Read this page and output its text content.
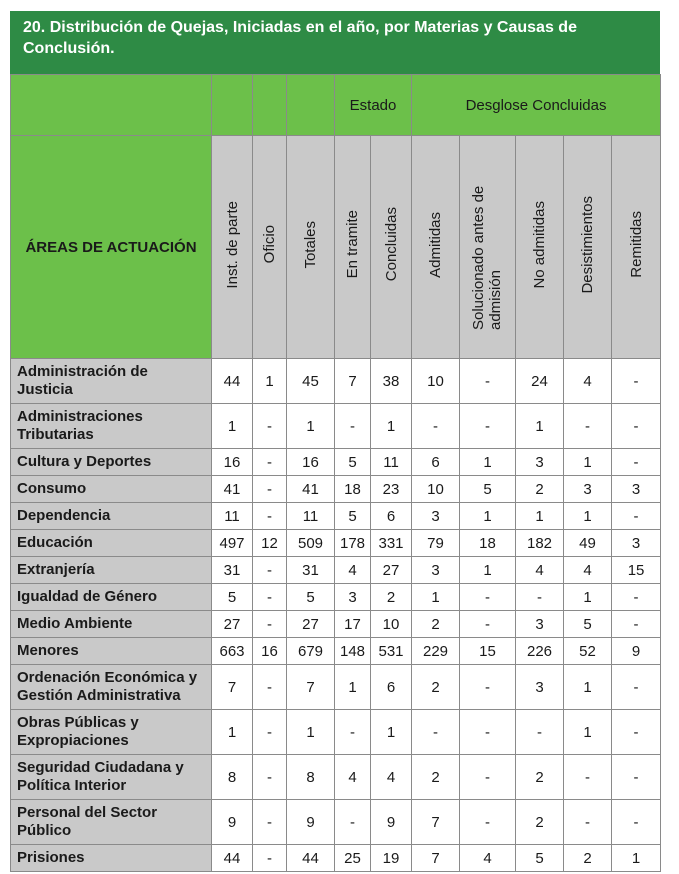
20. Distribución de Quejas, Iniciadas en el año, por Materias y Causas de Conclusión.
				Estado		Desglose Concluidas				
ÁREAS DE ACTUACIÓN	Inst. de parte	Oficio	Totales	En tramite	Concluidas	Admitidas	Solucionado antes de admisión	No admitidas	Desistimientos	Remitidas
Administración de Justicia	44	1	45	7	38	10	-	24	4	-
Administraciones Tributarias	1	-	1	-	1	-	-	1	-	-
Cultura y Deportes	16	-	16	5	11	6	1	3	1	-
Consumo	41	-	41	18	23	10	5	2	3	3
Dependencia	11	-	11	5	6	3	1	1	1	-
Educación	497	12	509	178	331	79	18	182	49	3
Extranjería	31	-	31	4	27	3	1	4	4	15
Igualdad de Género	5	-	5	3	2	1	-	-	1	-
Medio Ambiente	27	-	27	17	10	2	-	3	5	-
Menores	663	16	679	148	531	229	15	226	52	9
Ordenación Económica y Gestión Administrativa	7	-	7	1	6	2	-	3	1	-
Obras Públicas y Expropiaciones	1	-	1	-	1	-	-	-	1	-
Seguridad Ciudadana y Política Interior	8	-	8	4	4	2	-	2	-	-
Personal del Sector Público	9	-	9	-	9	7	-	2	-	-
Prisiones	44	-	44	25	19	7	4	5	2	1
